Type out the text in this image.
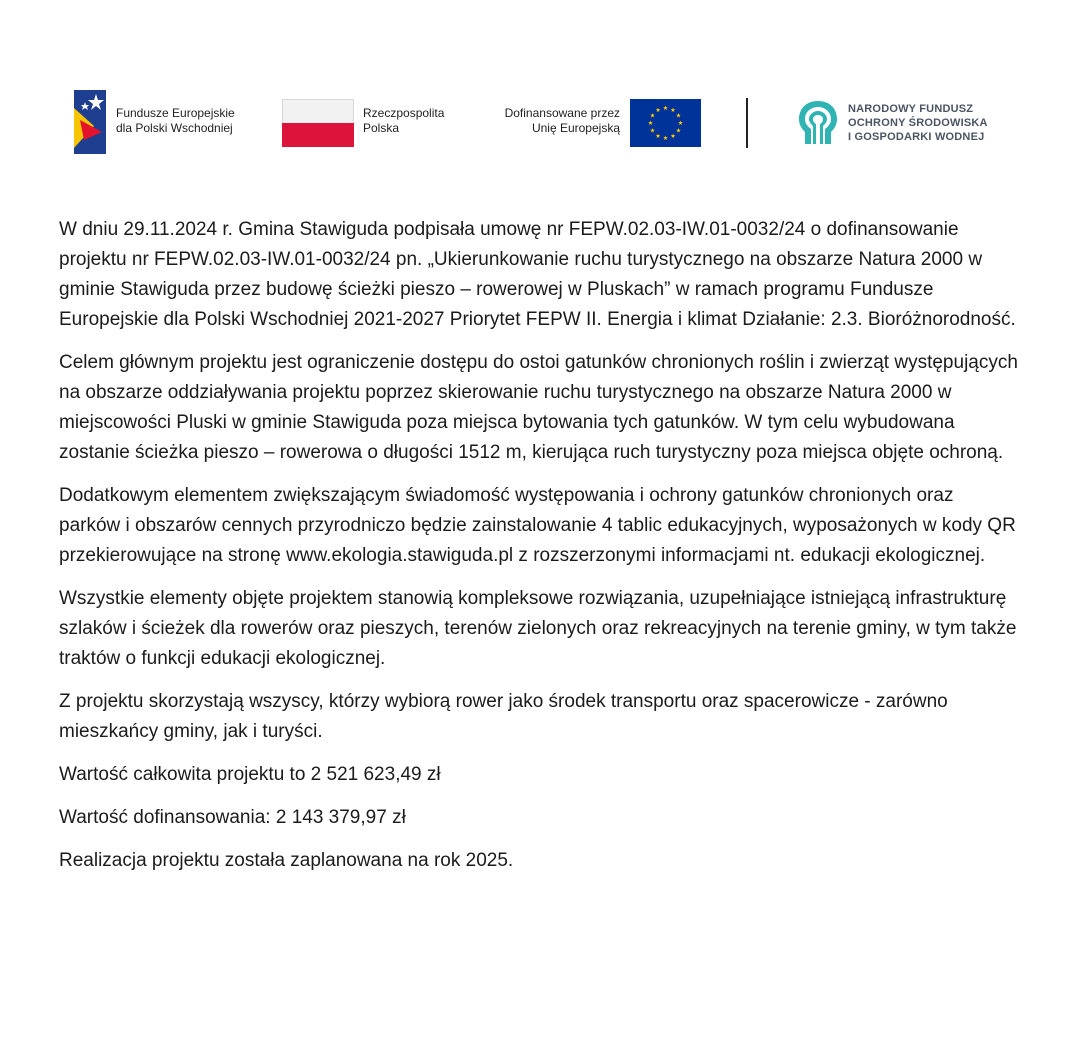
Fundusze Europejskie
dla Polski Wschodniej
Rzeczpospolita
Polska
Dofinansowane przez
Unię Europejską
NARODOWY FUNDUSZ
OCHRONY ŚRODOWISKA
I GOSPODARKI WODNEJ

W dniu 29.11.2024 r. Gmina Stawiguda podpisała umowę nr FEPW.02.03-IW.01-0032/24 o dofinansowanie projektu nr FEPW.02.03-IW.01-0032/24 pn. „Ukierunkowanie ruchu turystycznego na obszarze Natura 2000 w gminie Stawiguda przez budowę ścieżki pieszo – rowerowej w Pluskach” w ramach programu Fundusze Europejskie dla Polski Wschodniej 2021-2027 Priorytet FEPW II. Energia i klimat Działanie: 2.3. Bioróżnorodność.

Celem głównym projektu jest ograniczenie dostępu do ostoi gatunków chronionych roślin i zwierząt występujących na obszarze oddziaływania projektu poprzez skierowanie ruchu turystycznego na obszarze Natura 2000 w miejscowości Pluski w gminie Stawiguda poza miejsca bytowania tych gatunków. W tym celu wybudowana zostanie ścieżka pieszo – rowerowa o długości 1512 m, kierująca ruch turystyczny poza miejsca objęte ochroną.

Dodatkowym elementem zwiększającym świadomość występowania i ochrony gatunków chronionych oraz parków i obszarów cennych przyrodniczo będzie zainstalowanie 4 tablic edukacyjnych, wyposażonych w kody QR przekierowujące na stronę www.ekologia.stawiguda.pl z rozszerzonymi informacjami nt. edukacji ekologicznej.

Wszystkie elementy objęte projektem stanowią kompleksowe rozwiązania, uzupełniające istniejącą infrastrukturę szlaków i ścieżek dla rowerów oraz pieszych, terenów zielonych oraz rekreacyjnych na terenie gminy, w tym także traktów o funkcji edukacji ekologicznej.

Z projektu skorzystają wszyscy, którzy wybiorą rower jako środek transportu oraz spacerowicze - zarówno mieszkańcy gminy, jak i turyści.

Wartość całkowita projektu to 2 521 623,49 zł

Wartość dofinansowania: 2 143 379,97 zł

Realizacja projektu została zaplanowana na rok 2025.
